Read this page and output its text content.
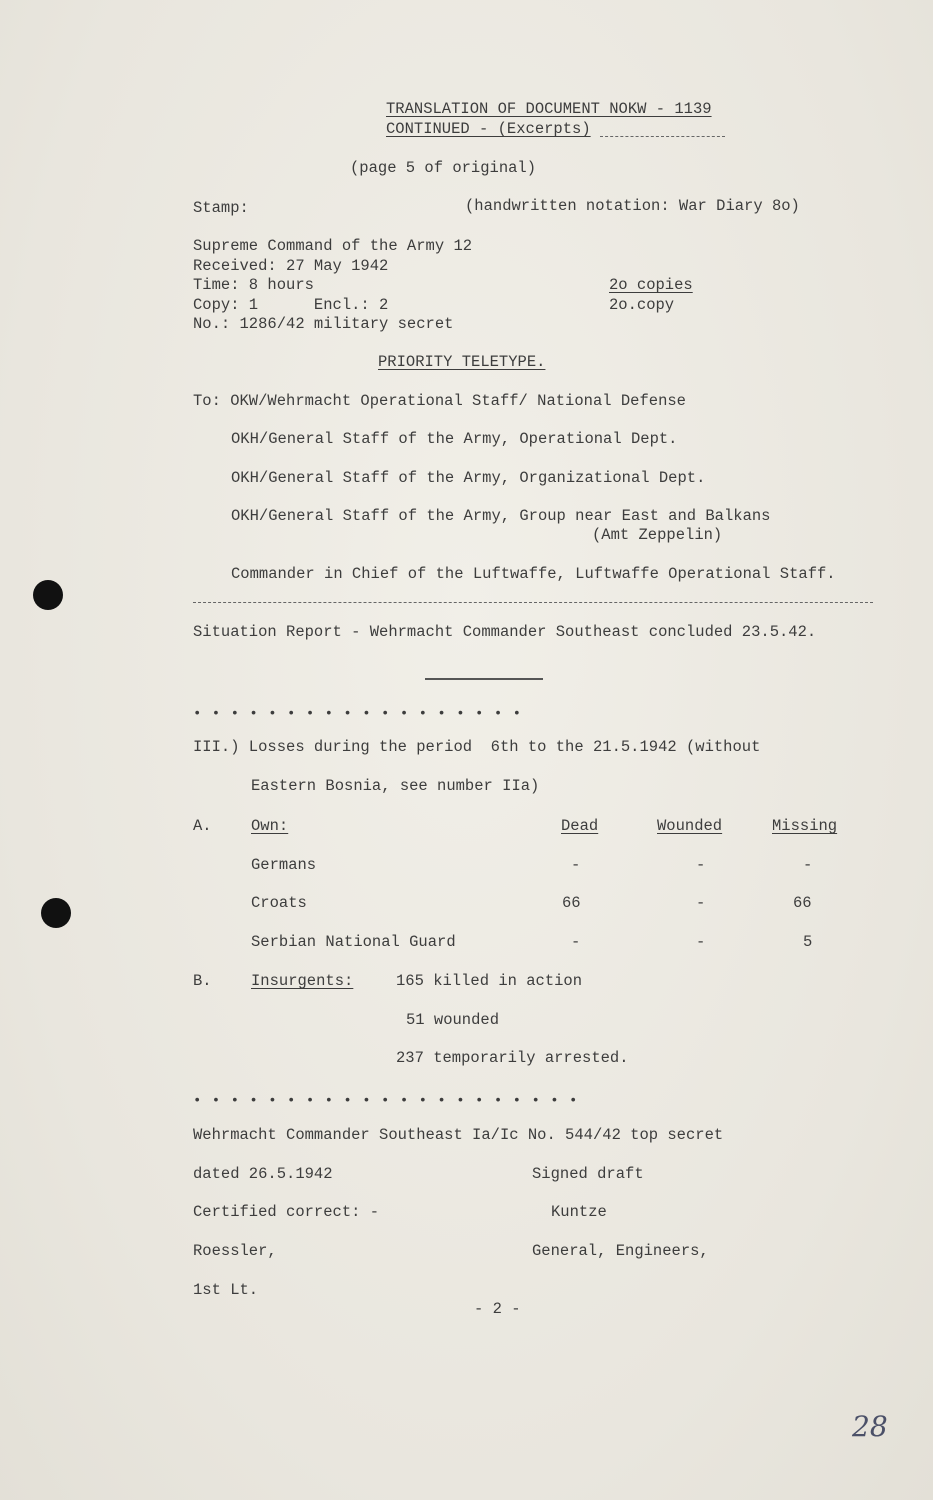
TRANSLATION OF DOCUMENT NOKW - 1139
CONTINUED - (Excerpts)
(page 5 of original)
Stamp:	(handwritten notation: War Diary 8o)
Supreme Command of the Army 12
Received: 27 May 1942
Time: 8 hours
Copy: 1      Encl.: 2
No.: 1286/42 military secret
2o copies
2o.copy
PRIORITY TELETYPE.
To: OKW/Wehrmacht Operational Staff/ National Defense
OKH/General Staff of the Army, Operational Dept.
OKH/General Staff of the Army, Organizational Dept.
OKH/General Staff of the Army, Group near East and Balkans
(Amt Zeppelin)
Commander in Chief of the Luftwaffe, Luftwaffe Operational Staff.
Situation Report - Wehrmacht Commander Southeast concluded 23.5.42.
• • • • • • • • • • • • • • • • • •
III.) Losses during the period  6th to the 21.5.1942 (without
Eastern Bosnia, see number IIa)
A.	Own:	Dead	Wounded	Missing
Germans	-	-	-
Croats	66	-	66
Serbian National Guard	-	-	5
B.	Insurgents:	165 killed in action
51 wounded
237 temporarily arrested.
• • • • • • • • • • • • • • • • • • • • •
Wehrmacht Commander Southeast Ia/Ic No. 544/42 top secret
dated 26.5.1942	Signed draft
Certified correct: -	Kuntze
Roessler,	General, Engineers,
1st Lt.
- 2 -
28
